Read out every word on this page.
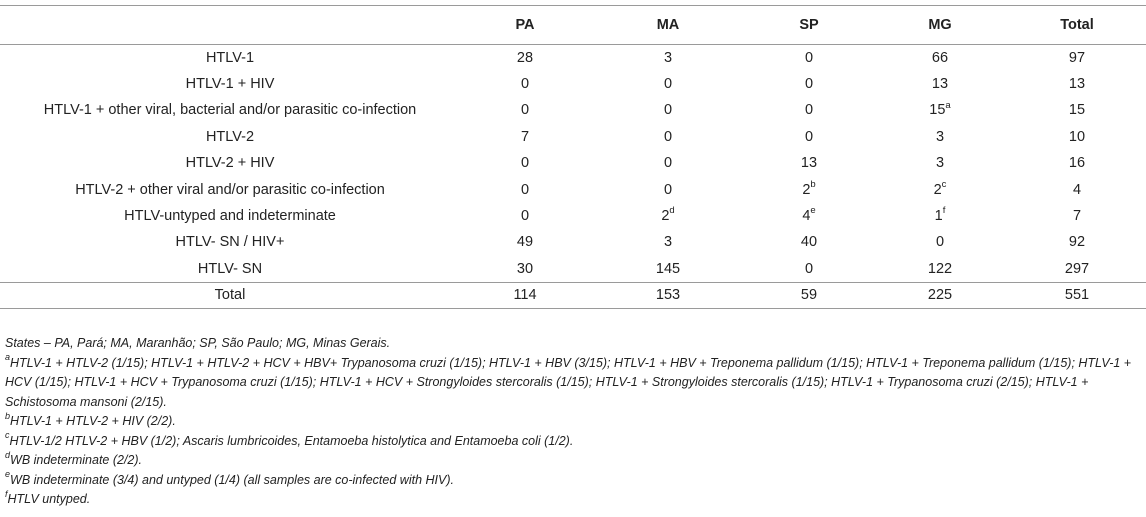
	PA	MA	SP	MG	Total
HTLV-1	28	3	0	66	97
HTLV-1 + HIV	0	0	0	13	13
HTLV-1 + other viral, bacterial and/or parasitic co-infection	0	0	0	15$^a$	15
HTLV-2	7	0	0	3	10
HTLV-2 + HIV	0	0	13	3	16
HTLV-2 + other viral and/or parasitic co-infection	0	0	2$^b$	2$^c$	4
HTLV-untyped and indeterminate	0	2$^d$	4e	1$^f$	7
HTLV- SN / HIV+	49	3	40	0	92
HTLV- SN	30	145	0	122	297
Total	114	153	59	225	551

States – PA, Pará; MA, Maranhão; SP, São Paulo; MG, Minas Gerais.

$^a$HTLV-1 + HTLV-2 (1/15); HTLV-1 + HTLV-2 + HCV + HBV+ Trypanosoma cruzi (1/15); HTLV-1 + HBV (3/15); HTLV-1 + HBV + Treponema pallidum (1/15); HTLV-1 + Treponema pallidum (1/15); HTLV-1 + HCV (1/15); HTLV-1 + HCV + Trypanosoma cruzi (1/15); HTLV-1 + HCV + Strongyloides stercoralis (1/15); HTLV-1 + Strongyloides stercoralis (1/15); HTLV-1 + Trypanosoma cruzi (2/15); HTLV-1 + Schistosoma mansoni (2/15).

$^b$HTLV-1 + HTLV-2 + HIV (2/2).

$^c$HTLV-1/2 HTLV-2 + HBV (1/2); Ascaris lumbricoides, Entamoeba histolytica and Entamoeba coli (1/2).

$^d$WB indeterminate (2/2).

$^e$WB indeterminate (3/4) and untyped (1/4) (all samples are co-infected with HIV).

$^f$HTLV untyped.
